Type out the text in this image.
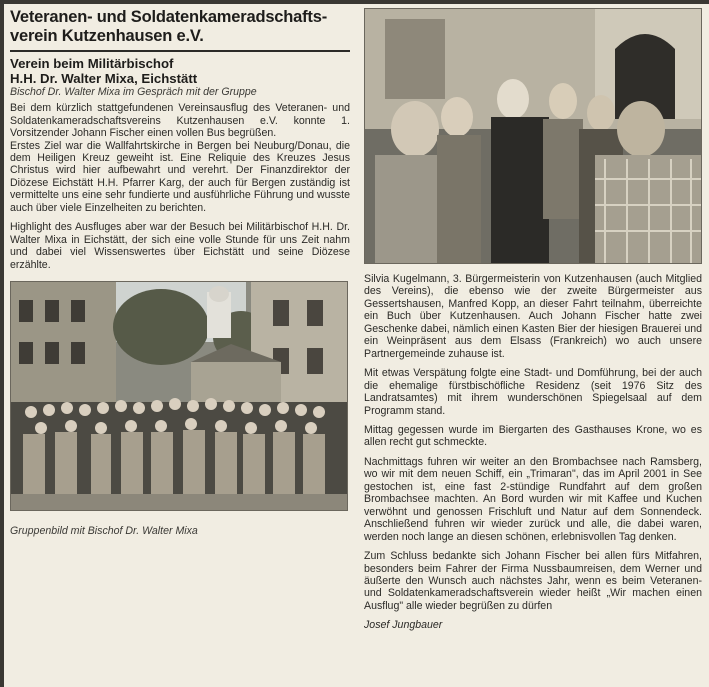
Veteranen- und Soldatenkameradschafts-
verein Kutzenhausen e.V.
Verein beim Militärbischof
H.H. Dr. Walter Mixa, Eichstätt
Bischof Dr. Walter Mixa im Gespräch mit der Gruppe

Bei dem kürzlich stattgefundenen Vereinsausflug des Veteranen- und Soldatenkameradschaftsvereins Kutzenhausen e.V. konnte 1. Vorsitzender Johann Fischer einen vollen Bus begrüßen.

Erstes Ziel war die Wallfahrtskirche in Bergen bei Neuburg/Donau, die dem Heiligen Kreuz geweiht ist. Eine Reliquie des Kreuzes Jesus Christus wird hier aufbewahrt und verehrt. Der Finanzdirektor der Diözese Eichstätt H.H. Pfarrer Karg, der auch für Bergen zuständig ist vermittelte uns eine sehr fundierte und ausführliche Führung und wusste auch über viele Einzelheiten zu berichten.

Highlight des Ausfluges aber war der Besuch bei Militärbischof H.H. Dr. Walter Mixa in Eichstätt, der sich eine volle Stunde für uns Zeit nahm und dabei viel Wissenswertes über Eichstätt und seine Diözese erzählte.

Gruppenbild mit Bischof Dr. Walter Mixa

Silvia Kugelmann, 3. Bürgermeisterin von Kutzenhausen (auch Mitglied des Vereins), die ebenso wie der zweite Bürgermeister aus Gessertshausen, Manfred Kopp, an dieser Fahrt teilnahm, überreichte ein Buch über Kutzenhausen. Auch Johann Fischer hatte zwei Geschenke dabei, nämlich einen Kasten Bier der hiesigen Brauerei und ein Weinpräsent aus dem Elsass (Frankreich) wo auch unsere Partnergemeinde zuhause ist.

Mit etwas Verspätung folgte eine Stadt- und Domführung, bei der auch die ehemalige fürstbischöfliche Residenz (seit 1976 Sitz des Landratsamtes) mit ihrem wunderschönen Spiegelsaal auf dem Programm stand.

Mittag gegessen wurde im Biergarten des Gasthauses Krone, wo es allen recht gut schmeckte.

Nachmittags fuhren wir weiter an den Brombachsee nach Ramsberg, wo wir mit dem neuen Schiff, ein „Trimaran", das im April 2001 in See gestochen ist, eine fast 2-stündige Rundfahrt auf dem großen Brombachsee machten. An Bord wurden wir mit Kaffee und Kuchen verwöhnt und genossen Frischluft und Natur auf dem Sonnendeck. Anschließend fuhren wir wieder zurück und alle, die dabei waren, werden noch lange an diesen schönen, erlebnisvollen Tag denken.

Zum Schluss bedankte sich Johann Fischer bei allen fürs Mitfahren, besonders beim Fahrer der Firma Nussbaumreisen, dem Werner und äußerte den Wunsch auch nächstes Jahr, wenn es beim Veteranen- und Soldatenkameradschaftsverein wieder heißt „Wir machen einen Ausflug" alle wieder begrüßen zu dürfen

Josef Jungbauer
